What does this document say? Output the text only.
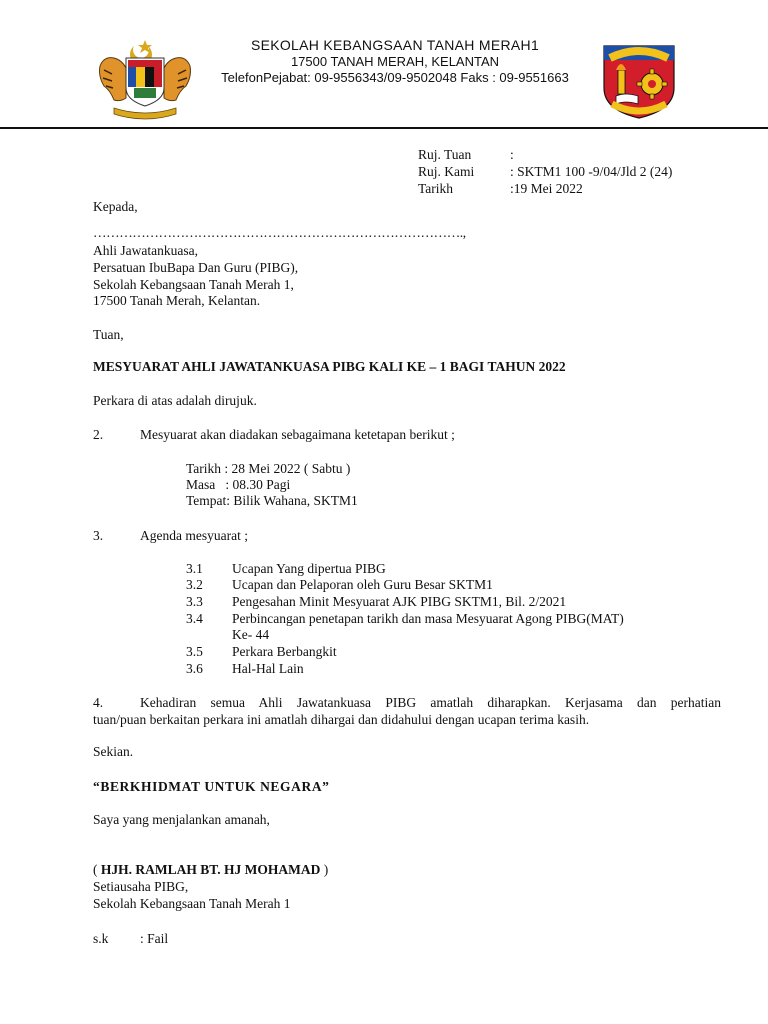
SEKOLAH KEBANGSAAN TANAH MERAH1
17500 TANAH MERAH, KELANTAN
TelefonPejabat: 09-9556343/09-9502048 Faks : 09-9551663
Ruj. Tuan	:
Ruj. Kami	: SKTM1 100 -9/04/Jld 2 (24)
Tarikh	:19 Mei 2022
Kepada,
………………………………………………………………………….,
Ahli Jawatankuasa,
Persatuan IbuBapa Dan Guru (PIBG),
Sekolah Kebangsaan Tanah Merah 1,
17500 Tanah Merah, Kelantan.
Tuan,
MESYUARAT AHLI JAWATANKUASA PIBG KALI KE – 1 BAGI TAHUN 2022
Perkara di atas adalah dirujuk.
2.	Mesyuarat akan diadakan sebagaimana ketetapan berikut ;
Tarikh : 28 Mei 2022 ( Sabtu )
Masa   : 08.30 Pagi
Tempat: Bilik Wahana, SKTM1
3.	Agenda mesyuarat ;
3.1 Ucapan Yang dipertua PIBG
3.2 Ucapan dan Pelaporan oleh Guru Besar SKTM1
3.3 Pengesahan Minit Mesyuarat AJK PIBG SKTM1, Bil. 2/2021
3.4 Perbincangan penetapan tarikh dan masa Mesyuarat Agong PIBG(MAT)
Ke- 44
3.5 Perkara Berbangkit
3.6 Hal-Hal Lain
4.	Kehadiran semua Ahli Jawatankuasa PIBG amatlah diharapkan. Kerjasama dan perhatian
tuan/puan berkaitan perkara ini amatlah dihargai dan didahului dengan ucapan terima kasih.
Sekian.
“BERKHIDMAT UNTUK NEGARA”
Saya yang menjalankan amanah,
( HJH. RAMLAH BT. HJ MOHAMAD )
Setiausaha PIBG,
Sekolah Kebangsaan Tanah Merah 1
s.k : Fail
